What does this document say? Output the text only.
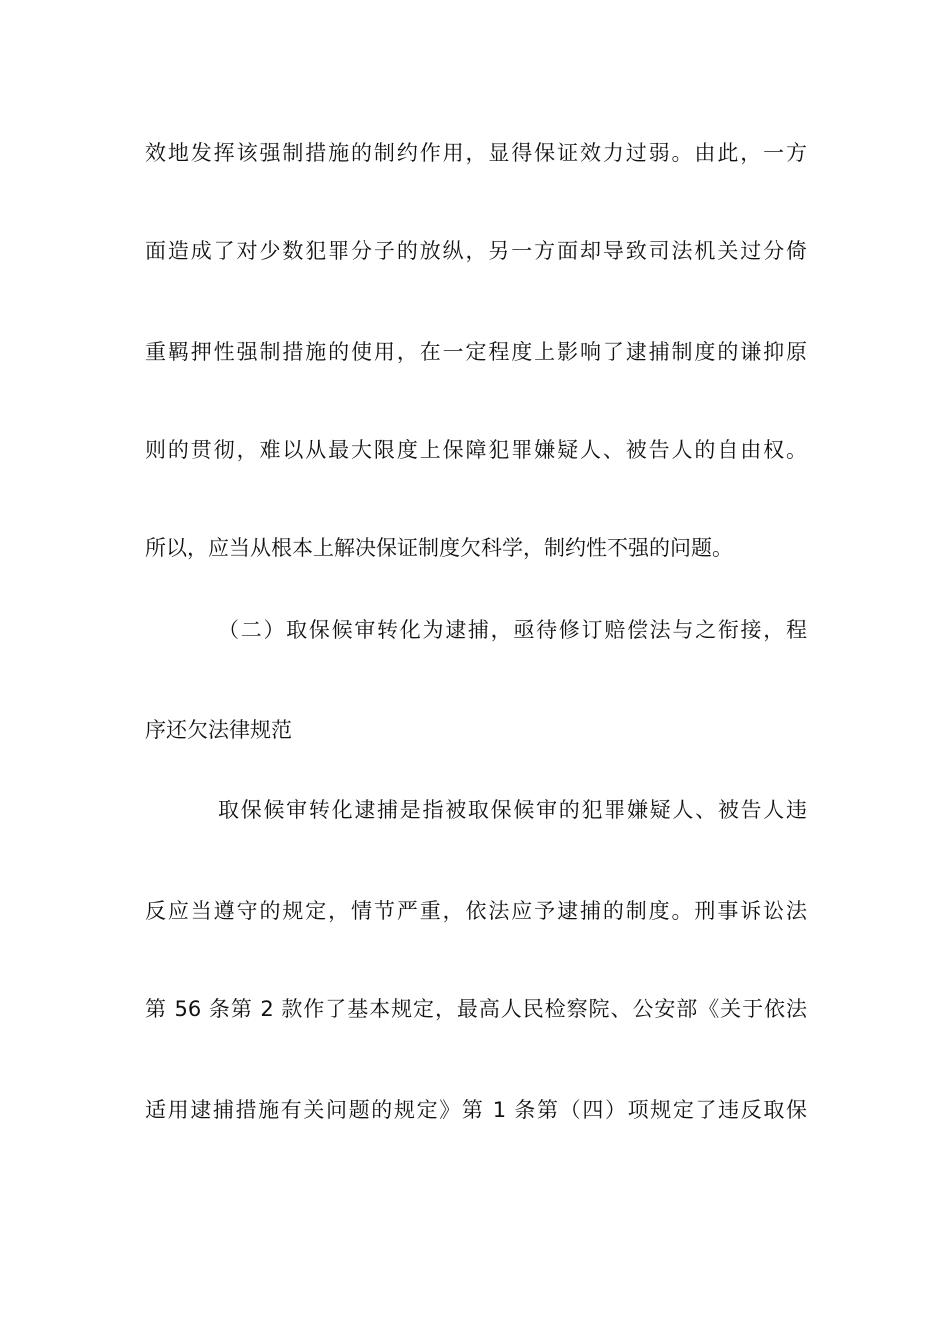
效地发挥该强制措施的制约作用，显得保证效力过弱。由此，一方
面造成了对少数犯罪分子的放纵，另一方面却导致司法机关过分倚
重羁押性强制措施的使用，在一定程度上影响了逮捕制度的谦抑原
则的贯彻，难以从最大限度上保障犯罪嫌疑人、被告人的自由权。
所以，应当从根本上解决保证制度欠科学，制约性不强的问题。
（二）取保候审转化为逮捕，亟待修订赔偿法与之衔接，程
序还欠法律规范
取保候审转化逮捕是指被取保候审的犯罪嫌疑人、被告人违
反应当遵守的规定，情节严重，依法应予逮捕的制度。刑事诉讼法
第 56 条第 2 款作了基本规定，最高人民检察院、公安部《关于依法
适用逮捕措施有关问题的规定》第 1 条第（四）项规定了违反取保
